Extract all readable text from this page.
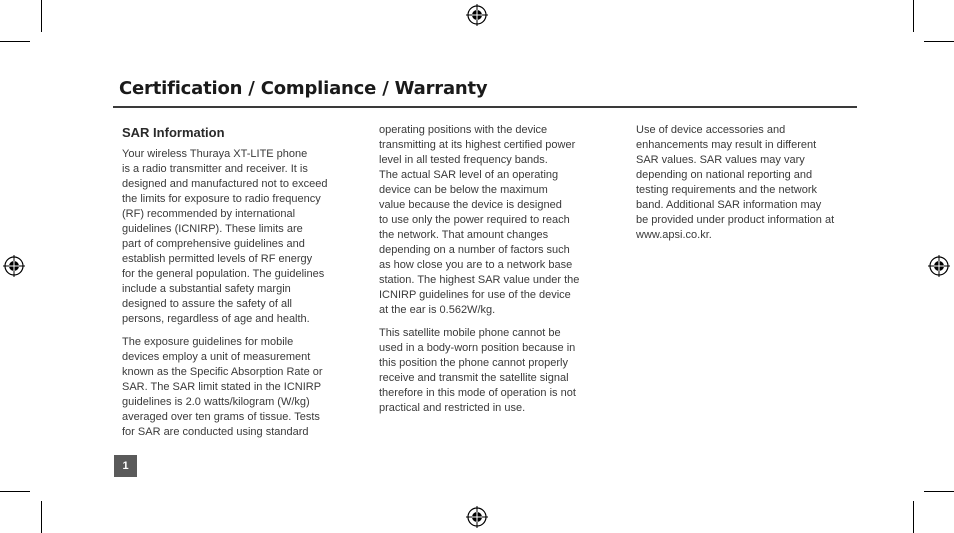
Certification / Compliance / Warranty
SAR Information

Your wireless Thuraya XT-LITE phone
is a radio transmitter and receiver. It is
designed and manufactured not to exceed
the limits for exposure to radio frequency
(RF) recommended by international
guidelines (ICNIRP). These limits are
part of comprehensive guidelines and
establish permitted levels of RF energy
for the general population. The guidelines
include a substantial safety margin
designed to assure the safety of all
persons, regardless of age and health.

The exposure guidelines for mobile
devices employ a unit of measurement
known as the Specific Absorption Rate or
SAR. The SAR limit stated in the ICNIRP
guidelines is 2.0 watts/kilogram (W/kg)
averaged over ten grams of tissue. Tests
for SAR are conducted using standard

operating positions with the device
transmitting at its highest certified power
level in all tested frequency bands.
The actual SAR level of an operating
device can be below the maximum
value because the device is designed
to use only the power required to reach
the network. That amount changes
depending on a number of factors such
as how close you are to a network base
station. The highest SAR value under the
ICNIRP guidelines for use of the device
at the ear is 0.562W/kg.

This satellite mobile phone cannot be
used in a body-worn position because in
this position the phone cannot properly
receive and transmit the satellite signal
therefore in this mode of operation is not
practical and restricted in use.

Use of device accessories and
enhancements may result in different
SAR values. SAR values may vary
depending on national reporting and
testing requirements and the network
band. Additional SAR information may
be provided under product information at
www.apsi.co.kr.

1
